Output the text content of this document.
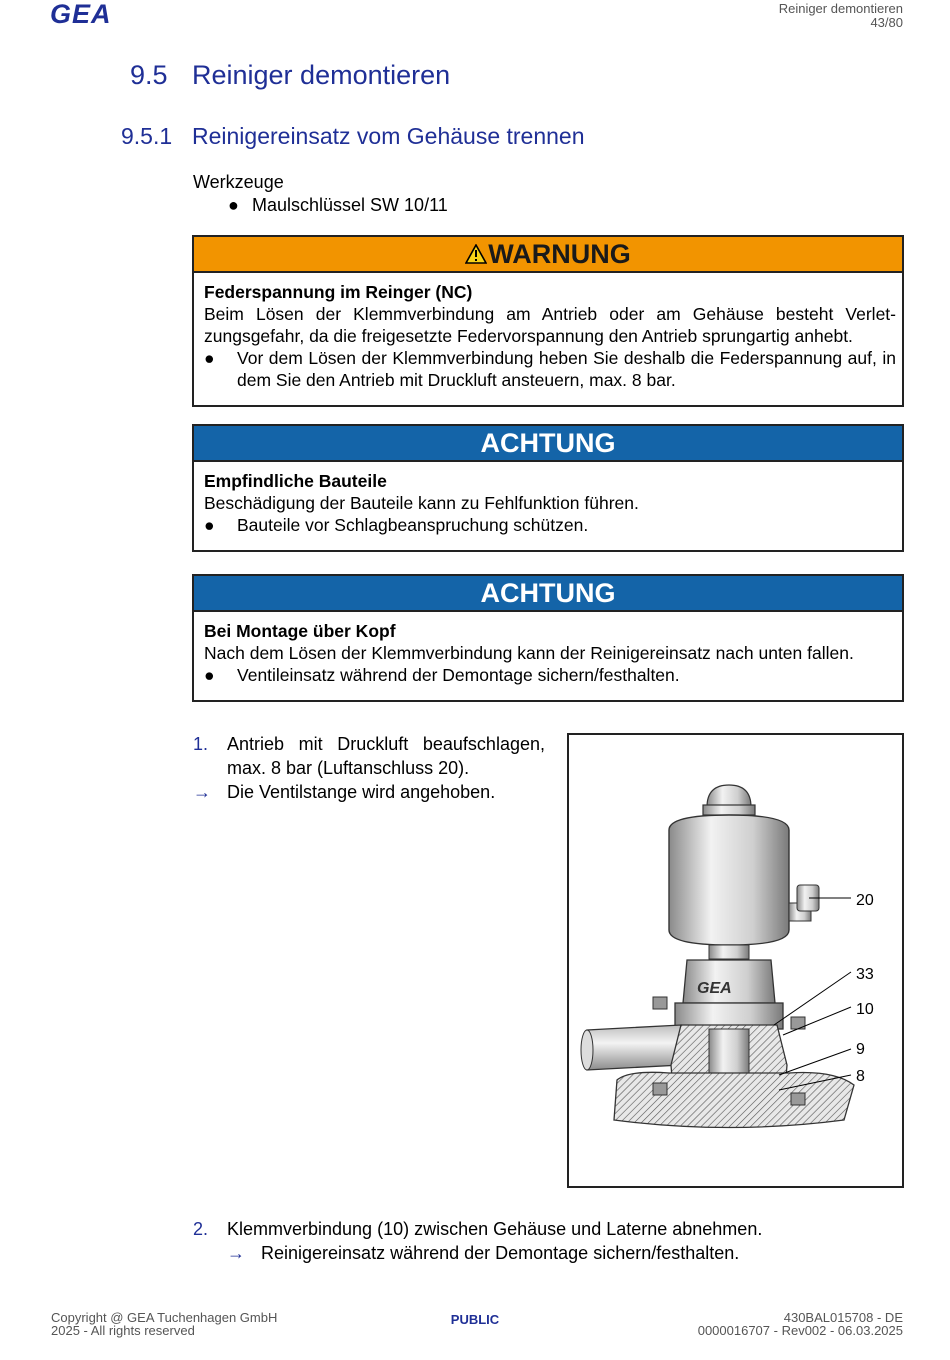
GEA	Reiniger demontieren
43/80
9.5 Reiniger demontieren
9.5.1 Reinigereinsatz vom Gehäuse trennen
Werkzeuge
● Maulschlüssel SW 10/11
WARNUNG
Federspannung im Reinger (NC)
Beim Lösen der Klemmverbindung am Antrieb oder am Gehäuse besteht Verlet-zungsgefahr, da die freigesetzte Federvorspannung den Antrieb sprungartig anhebt.
●	Vor dem Lösen der Klemmverbindung heben Sie deshalb die Federspannung auf, in dem Sie den Antrieb mit Druckluft ansteuern, max. 8 bar.
ACHTUNG
Empfindliche Bauteile
Beschädigung der Bauteile kann zu Fehlfunktion führen.
●	Bauteile vor Schlagbeanspruchung schützen.
ACHTUNG
Bei Montage über Kopf
Nach dem Lösen der Klemmverbindung kann der Reinigereinsatz nach unten fallen.
●	Ventileinsatz während der Demontage sichern/festhalten.
1.	Antrieb mit Druckluft beaufschlagen,
max. 8 bar (Luftanschluss 20).
→ Die Ventilstange wird angehoben.
GEA
20
33
10
9
8
2. Klemmverbindung (10) zwischen Gehäuse und Laterne abnehmen.
→ Reinigereinsatz während der Demontage sichern/festhalten.
Copyright @ GEA Tuchenhagen GmbH
2025 - All rights reserved
PUBLIC	430BAL015708 - DE
0000016707 - Rev002 - 06.03.2025
